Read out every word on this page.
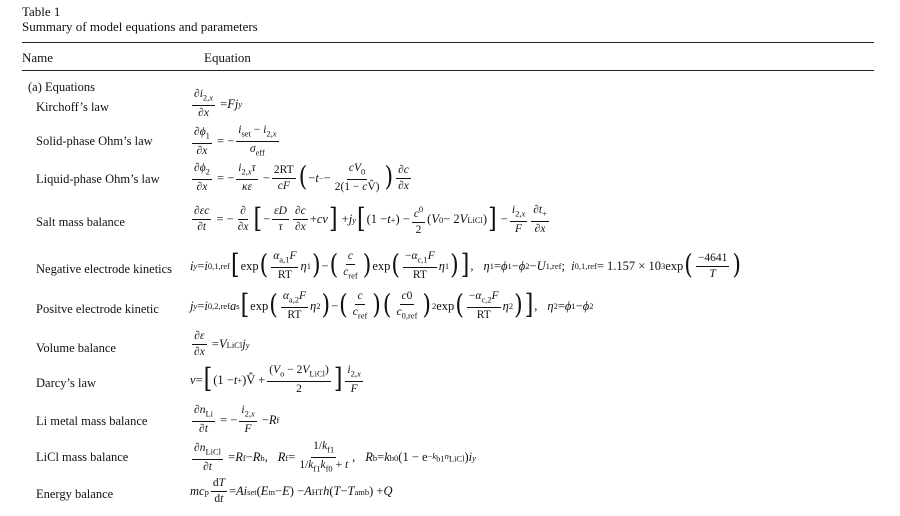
Table 1
Summary of model equations and parameters
Name	Equation
(a) Equations
Kirchoff’s law
Solid-phase Ohm’s law
Liquid-phase Ohm’s law
Salt mass balance
Negative electrode kinetics
Positve electrode kinetic
Volume balance
Darcy’s law
Li metal mass balance
LiCl mass balance
Energy balance
$\frac{\partial i_{2,x}}{\partial x} = F$ j y
$\frac{\partial\phi_1}{\partial x}$ = − $\frac{i_{set} - i_{2,x}}{\sigma_{eff}}$
$\frac{\partial\phi_2}{\partial x}$ = − $\frac{i_{2,x}\tau}{\kappa\varepsilon} - \frac{2RT}{cF}$ ( − t − − $\frac{cV_0}{2(1 - cV̂)}$ ) $\frac{\partial c}{\partial x}$
$\frac{\partial\varepsilon c}{\partial t}$ = − $\frac{\partial}{\partial x}$ [ − $\frac{\varepsilon D}{\tau} \frac{\partial c}{\partial x}$ + cv ] + j y [ (1 − t + ) − $\frac{c^0}{2}$ ( V 0 − 2 V LiCl ) ] − $\frac{i_{2,x}}{F} \frac{\partial t_+}{\partial x}$
i y = i 0,1,ref [ exp ( $\frac{\alpha_{a,1}F}{RT}$ η 1 ) − ( $\frac{c}{c_{ref}}$ ) exp ( $\frac{-\alpha_{c,1}F}{RT}$ η 1 ) ] , η 1 = ϕ 1 − ϕ 2 − U 1,ref ; i 0,1,ref = 1.157 × 10 3 exp ( $\frac{-4641}{T}$ )
j y = i 0,2,ref a s [ exp ( $\frac{\alpha_{a,2}F}{RT}$ η 2 ) − ( $\frac{c}{c_{ref}}$ ) ( $\frac{c0}{c_{0,ref}}$ ) 2 exp ( $\frac{-\alpha_{c,2}F}{RT}$ η 2 ) ] , η 2 = ϕ 1 − ϕ 2
$\frac{\partial\varepsilon}{\partial x} = V$ LiCl j y
v = [ (1 − t + )V̂ + $\frac{(V_o - 2V_{LiCl})}{2}$ ] $\frac{i_{2,x}}{F}$
$\frac{\partial n_{Li}}{\partial t}$ = − $\frac{i_{2,x}}{F} - R$ f
$\frac{\partial n_{LiCl}}{\partial t} = R$ f − R b , R $f = \frac{1/k_{f1}}{1/k_{f1}k_{f0} + t}$ , R b = k b0 ($1 - e -k_{b1}n_{LiCl}$ ) i y
mc p $\frac{dT}{dt} = Ai$ set ( E tn − E ) − A HT h ( T − T amb ) + Q
